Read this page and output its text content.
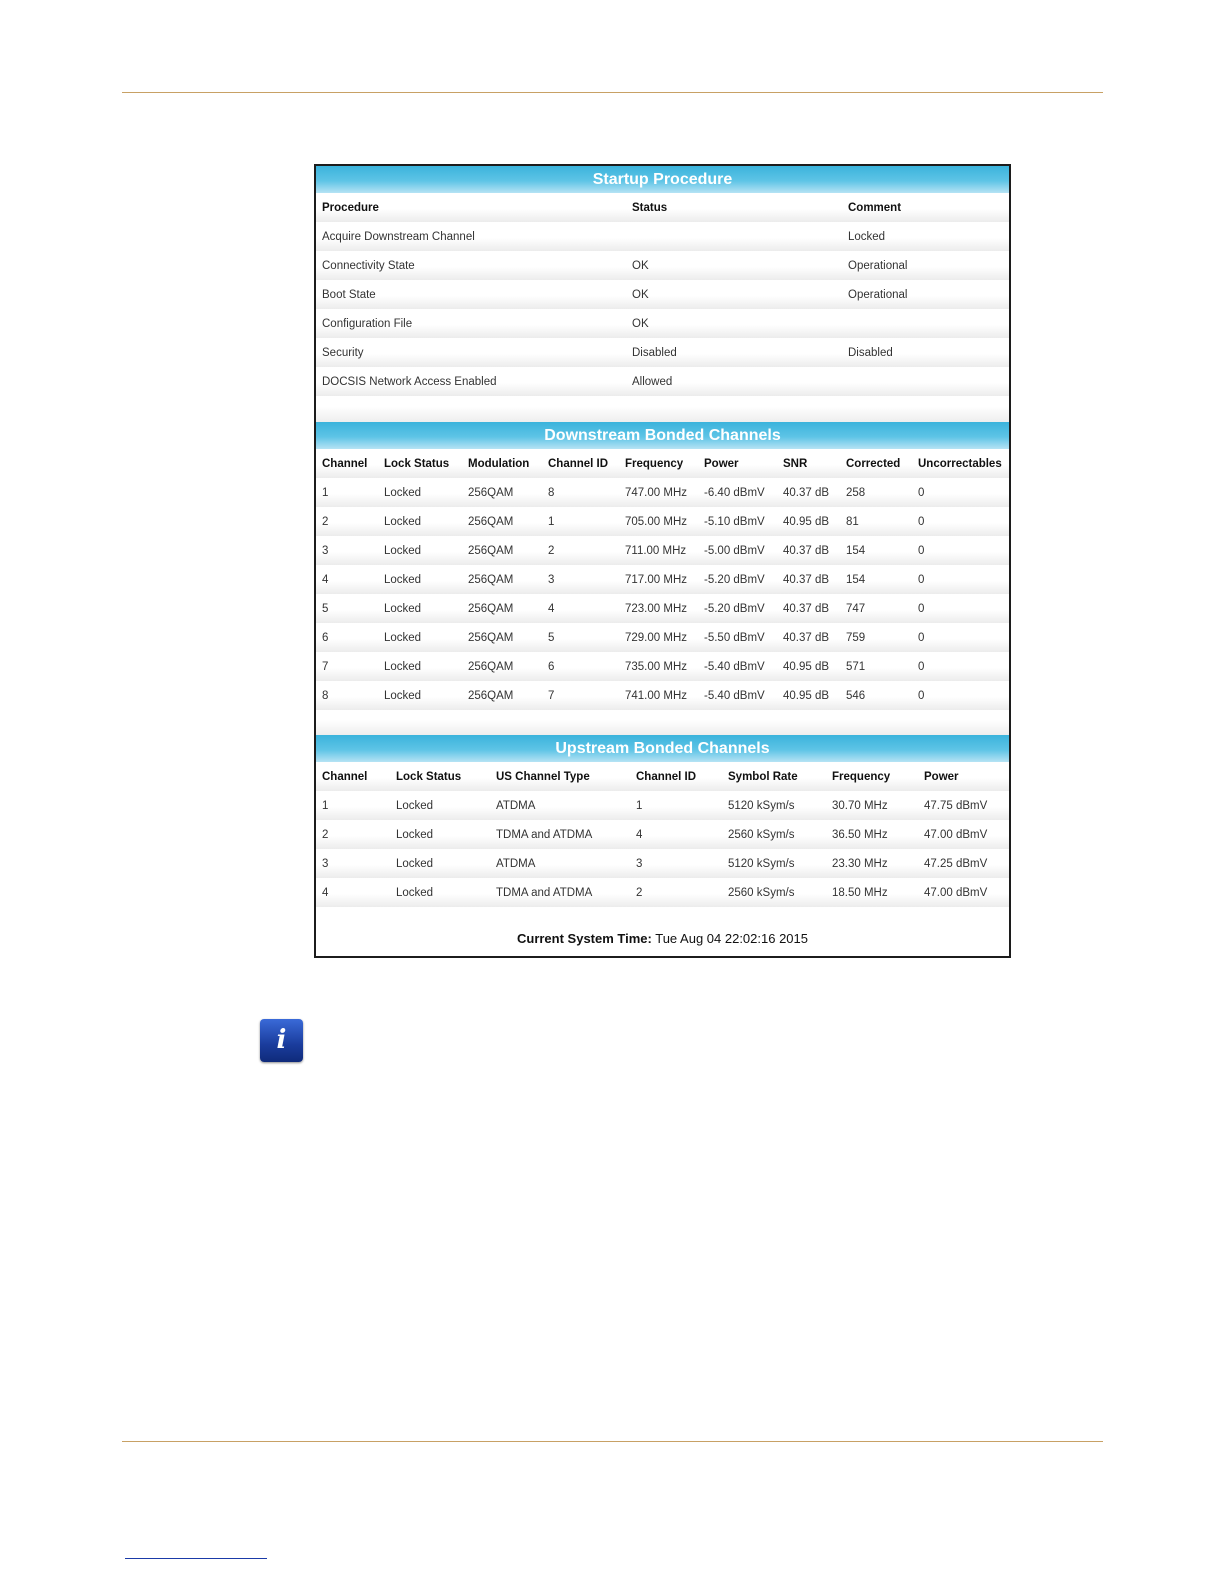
Startup Procedure
Procedure	Status	Comment
Acquire Downstream Channel		Locked
Connectivity State	OK	Operational
Boot State	OK	Operational
Configuration File	OK	
Security	Disabled	Disabled
DOCSIS Network Access Enabled	Allowed	
Downstream Bonded Channels
Channel	Lock Status	Modulation	Channel ID	Frequency	Power	SNR	Corrected	Uncorrectables
1	Locked	256QAM	8	747.00 MHz	-6.40 dBmV	40.37 dB	258	0
2	Locked	256QAM	1	705.00 MHz	-5.10 dBmV	40.95 dB	81	0
3	Locked	256QAM	2	711.00 MHz	-5.00 dBmV	40.37 dB	154	0
4	Locked	256QAM	3	717.00 MHz	-5.20 dBmV	40.37 dB	154	0
5	Locked	256QAM	4	723.00 MHz	-5.20 dBmV	40.37 dB	747	0
6	Locked	256QAM	5	729.00 MHz	-5.50 dBmV	40.37 dB	759	0
7	Locked	256QAM	6	735.00 MHz	-5.40 dBmV	40.95 dB	571	0
8	Locked	256QAM	7	741.00 MHz	-5.40 dBmV	40.95 dB	546	0
Upstream Bonded Channels
Channel	Lock Status	US Channel Type	Channel ID	Symbol Rate	Frequency	Power
1	Locked	ATDMA	1	5120 kSym/s	30.70 MHz	47.75 dBmV
2	Locked	TDMA and ATDMA	4	2560 kSym/s	36.50 MHz	47.00 dBmV
3	Locked	ATDMA	3	5120 kSym/s	23.30 MHz	47.25 dBmV
4	Locked	TDMA and ATDMA	2	2560 kSym/s	18.50 MHz	47.00 dBmV
Current System Time: Tue Aug 04 22:02:16 2015
i
